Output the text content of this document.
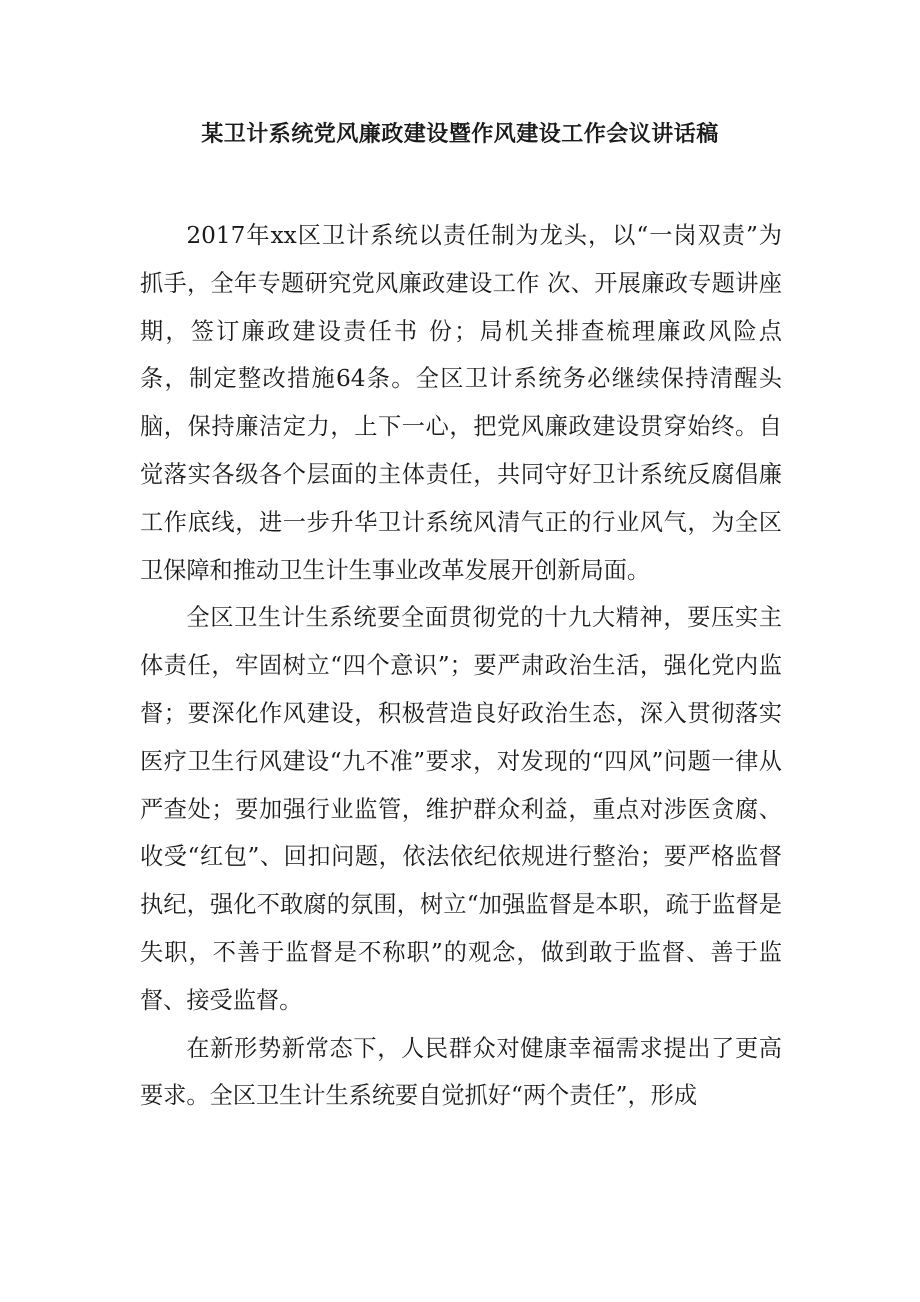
某卫计系统党风廉政建设暨作风建设工作会议讲话稿

2017年xx区卫计系统以责任制为龙头，以“一岗双责”为抓手，全年专题研究党风廉政建设工作 次、开展廉政专题讲座 期，签订廉政建设责任书 份；局机关排查梳理廉政风险点　条，制定整改措施64条。全区卫计系统务必继续保持清醒头脑，保持廉洁定力，上下一心，把党风廉政建设贯穿始终。自觉落实各级各个层面的主体责任，共同守好卫计系统反腐倡廉工作底线，进一步升华卫计系统风清气正的行业风气，为全区卫保障和推动卫生计生事业改革发展开创新局面。

全区卫生计生系统要全面贯彻党的十九大精神，要压实主体责任，牢固树立“四个意识”；要严肃政治生活，强化党内监督；要深化作风建设，积极营造良好政治生态，深入贯彻落实医疗卫生行风建设“九不准”要求，对发现的“四风”问题一律从严查处；要加强行业监管，维护群众利益，重点对涉医贪腐、收受“红包”、回扣问题，依法依纪依规进行整治；要严格监督执纪，强化不敢腐的氛围，树立“加强监督是本职，疏于监督是失职，不善于监督是不称职”的观念，做到敢于监督、善于监督、接受监督。

在新形势新常态下，人民群众对健康幸福需求提出了更高要求。全区卫生计生系统要自觉抓好“两个责任”，形成
